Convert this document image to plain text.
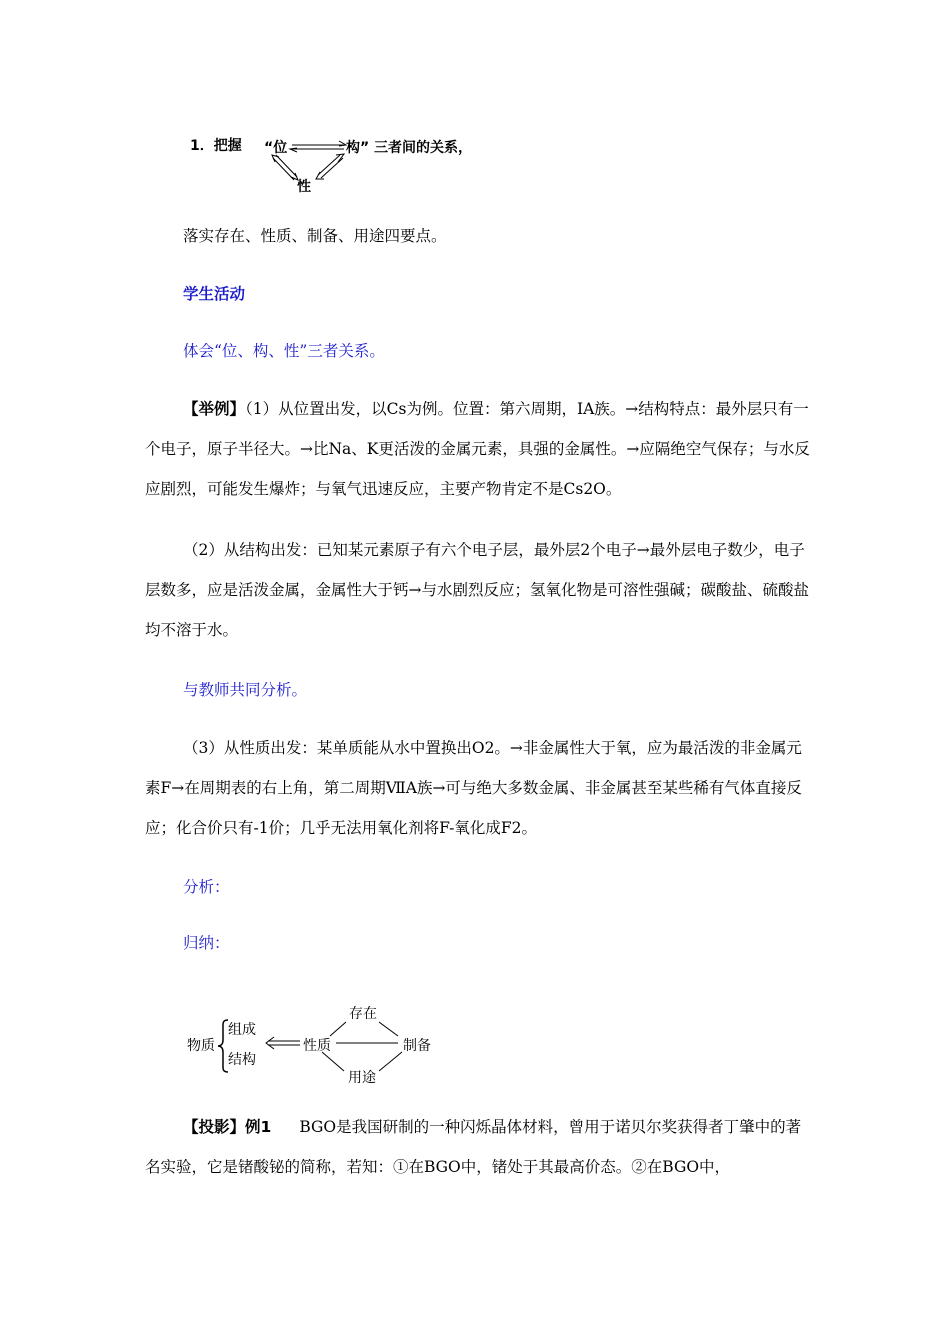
1．把握 “位	构” 三者间的关系，
性
落实存在、性质、制备、用途四要点。
学生活动
体会“位、构、性”三者关系。
【举例】（1）从位置出发，以Cs为例。位置：第六周期，IA族。→结构特点：最外层只有一个电子，原子半径大。→比Na、K更活泼的金属元素，具强的金属性。→应隔绝空气保存；与水反应剧烈，可能发生爆炸；与氧气迅速反应，主要产物肯定不是Cs2O。
（2）从结构出发：已知某元素原子有六个电子层，最外层2个电子→最外层电子数少，电子层数多，应是活泼金属，金属性大于钙→与水剧烈反应；氢氧化物是可溶性强碱；碳酸盐、硫酸盐均不溶于水。
与教师共同分析。
（3）从性质出发：某单质能从水中置换出O2。→非金属性大于氧，应为最活泼的非金属元素F→在周期表的右上角，第二周期ⅦA族→可与绝大多数金属、非金属甚至某些稀有气体直接反应；化合价只有-1价；几乎无法用氧化剂将F-氧化成F2。
分析：
归纳：
物质
组成
结构
性质
存在
制备
用途
【投影】例1 BGO是我国研制的一种闪烁晶体材料，曾用于诺贝尔奖获得者丁肇中的著名实验，它是锗酸铋的简称，若知：①在BGO中，锗处于其最高价态。②在BGO中，
